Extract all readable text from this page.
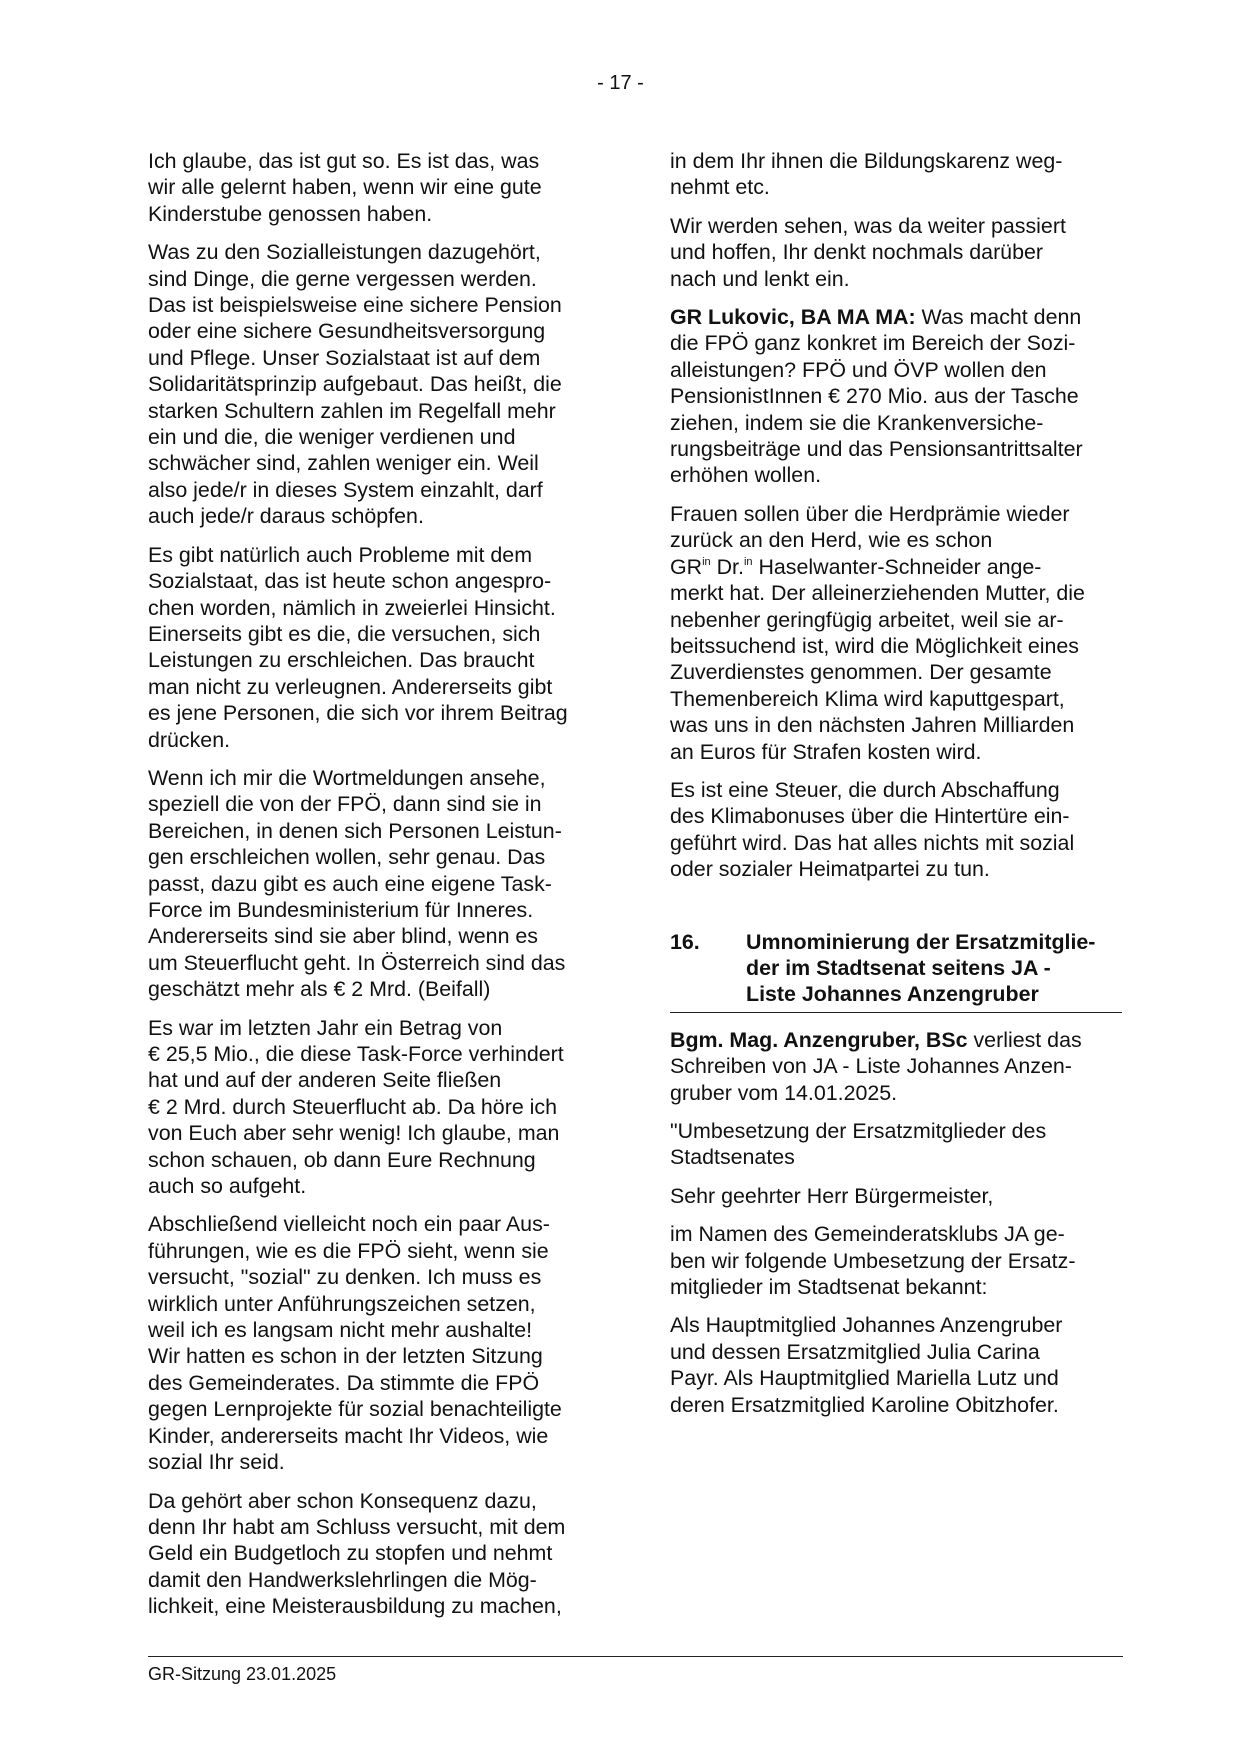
- 17 -

Ich glaube, das ist gut so. Es ist das, was
wir alle gelernt haben, wenn wir eine gute
Kinderstube genossen haben.

Was zu den Sozialleistungen dazugehört,
sind Dinge, die gerne vergessen werden.
Das ist beispielsweise eine sichere Pension
oder eine sichere Gesundheitsversorgung
und Pflege. Unser Sozialstaat ist auf dem
Solidaritätsprinzip aufgebaut. Das heißt, die
starken Schultern zahlen im Regelfall mehr
ein und die, die weniger verdienen und
schwächer sind, zahlen weniger ein. Weil
also jede/r in dieses System einzahlt, darf
auch jede/r daraus schöpfen.

Es gibt natürlich auch Probleme mit dem
Sozialstaat, das ist heute schon angespro-
chen worden, nämlich in zweierlei Hinsicht.
Einerseits gibt es die, die versuchen, sich
Leistungen zu erschleichen. Das braucht
man nicht zu verleugnen. Andererseits gibt
es jene Personen, die sich vor ihrem Beitrag
drücken.

Wenn ich mir die Wortmeldungen ansehe,
speziell die von der FPÖ, dann sind sie in
Bereichen, in denen sich Personen Leistun-
gen erschleichen wollen, sehr genau. Das
passt, dazu gibt es auch eine eigene Task-
Force im Bundesministerium für Inneres.
Andererseits sind sie aber blind, wenn es
um Steuerflucht geht. In Österreich sind das
geschätzt mehr als € 2 Mrd. (Beifall)

Es war im letzten Jahr ein Betrag von
€ 25,5 Mio., die diese Task-Force verhindert
hat und auf der anderen Seite fließen
€ 2 Mrd. durch Steuerflucht ab. Da höre ich
von Euch aber sehr wenig! Ich glaube, man
schon schauen, ob dann Eure Rechnung
auch so aufgeht.

Abschließend vielleicht noch ein paar Aus-
führungen, wie es die FPÖ sieht, wenn sie
versucht, "sozial" zu denken. Ich muss es
wirklich unter Anführungszeichen setzen,
weil ich es langsam nicht mehr aushalte!
Wir hatten es schon in der letzten Sitzung
des Gemeinderates. Da stimmte die FPÖ
gegen Lernprojekte für sozial benachteiligte
Kinder, andererseits macht Ihr Videos, wie
sozial Ihr seid.

Da gehört aber schon Konsequenz dazu,
denn Ihr habt am Schluss versucht, mit dem
Geld ein Budgetloch zu stopfen und nehmt
damit den Handwerkslehrlingen die Mög-
lichkeit, eine Meisterausbildung zu machen,

in dem Ihr ihnen die Bildungskarenz weg-
nehmt etc.

Wir werden sehen, was da weiter passiert
und hoffen, Ihr denkt nochmals darüber
nach und lenkt ein.

GR Lukovic, BA MA MA: Was macht denn
die FPÖ ganz konkret im Bereich der Sozi-
alleistungen? FPÖ und ÖVP wollen den
PensionistInnen € 270 Mio. aus der Tasche
ziehen, indem sie die Krankenversiche-
rungsbeiträge und das Pensionsantrittsalter
erhöhen wollen.

Frauen sollen über die Herdprämie wieder
zurück an den Herd, wie es schon
$GR^{in}$ Dr.$^{in}$ Haselwanter-Schneider ange-
merkt hat. Der alleinerziehenden Mutter, die
nebenher geringfügig arbeitet, weil sie ar-
beitssuchend ist, wird die Möglichkeit eines
Zuverdienstes genommen. Der gesamte
Themenbereich Klima wird kaputtgespart,
was uns in den nächsten Jahren Milliarden
an Euros für Strafen kosten wird.

Es ist eine Steuer, die durch Abschaffung
des Klimabonuses über die Hintertüre ein-
geführt wird. Das hat alles nichts mit sozial
oder sozialer Heimatpartei zu tun.

16.	Umnominierung der Ersatzmitglie-
der im Stadtsenat seitens JA -
Liste Johannes Anzengruber

Bgm. Mag. Anzengruber, BSc verliest das
Schreiben von JA - Liste Johannes Anzen-
gruber vom 14.01.2025.

"Umbesetzung der Ersatzmitglieder des
Stadtsenates

Sehr geehrter Herr Bürgermeister,

im Namen des Gemeinderatsklubs JA ge-
ben wir folgende Umbesetzung der Ersatz-
mitglieder im Stadtsenat bekannt:

Als Hauptmitglied Johannes Anzengruber
und dessen Ersatzmitglied Julia Carina
Payr. Als Hauptmitglied Mariella Lutz und
deren Ersatzmitglied Karoline Obitzhofer.

GR-Sitzung 23.01.2025
